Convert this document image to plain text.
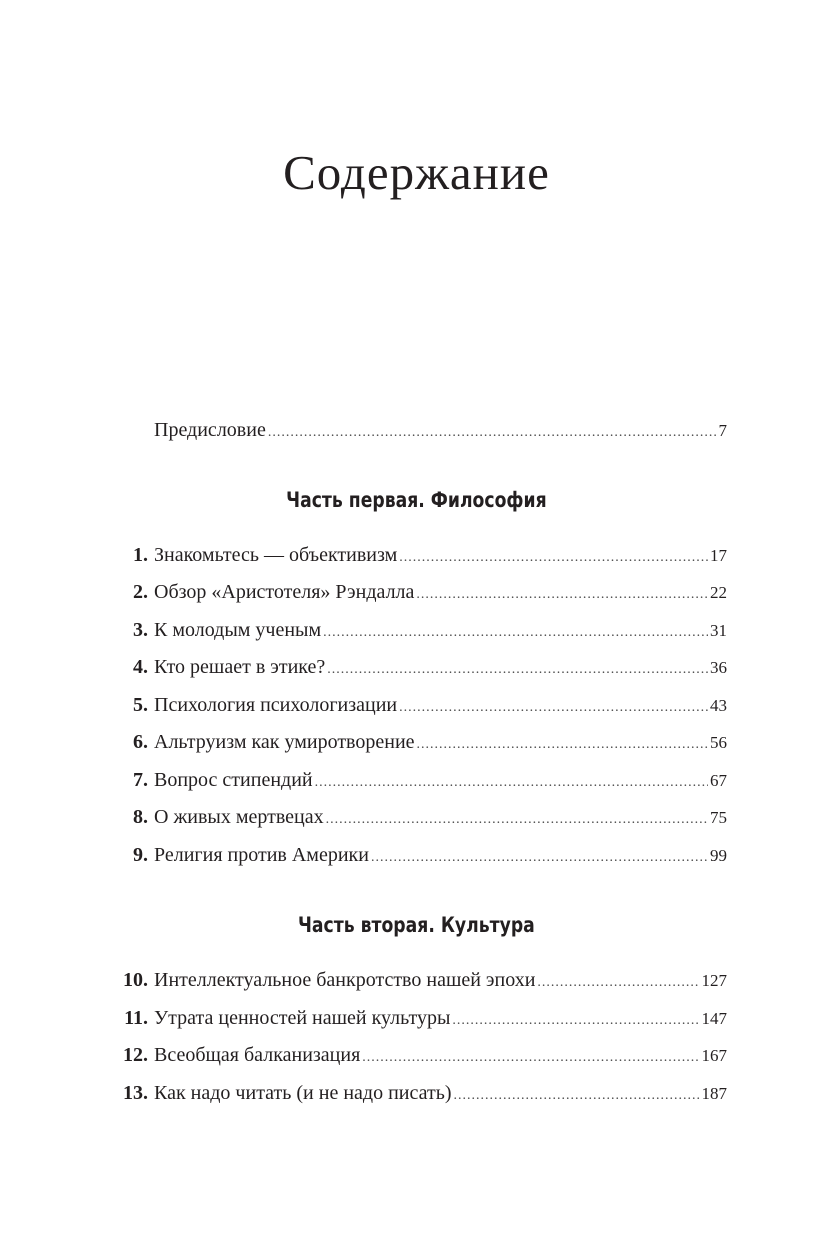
Содержание
Предисловие .....	7
Часть первая. Философия
1. Знакомьтесь — объективизм .....	17
2. Обзор «Аристотеля» Рэндалла .....	22
3. К молодым ученым .....	31
4. Кто решает в этике? .....	36
5. Психология психологизации .....	43
6. Альтруизм как умиротворение .....	56
7. Вопрос стипендий .....	67
8. О живых мертвецах .....	75
9. Религия против Америки .....	99
Часть вторая. Культура
10. Интеллектуальное банкротство нашей эпохи .....	127
11. Утрата ценностей нашей культуры .....	147
12. Всеобщая балканизация .....	167
13. Как надо читать (и не надо писать) .....	187
